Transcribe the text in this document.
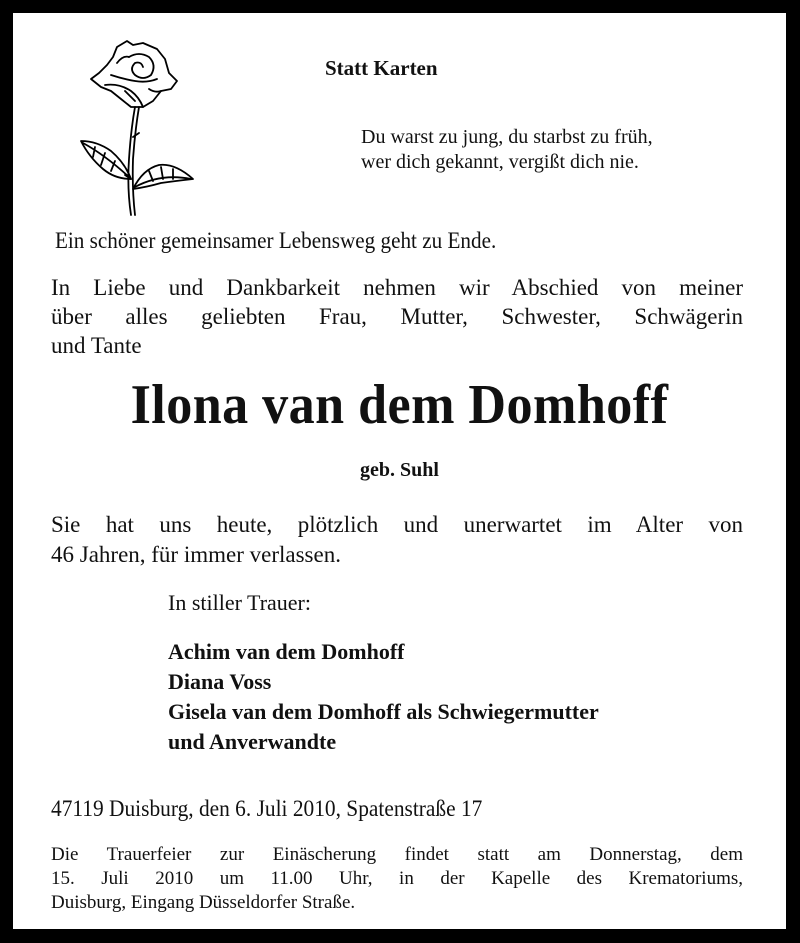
Statt Karten
Du warst zu jung, du starbst zu früh,
wer dich gekannt, vergißt dich nie.
Ein schöner gemeinsamer Lebensweg geht zu Ende.
In Liebe und Dankbarkeit nehmen wir Abschied von meiner
über alles geliebten Frau, Mutter, Schwester, Schwägerin
und Tante
Ilona van dem Domhoff
geb. Suhl
Sie hat uns heute, plötzlich und unerwartet im Alter von
46 Jahren, für immer verlassen.
In stiller Trauer:
Achim van dem Domhoff
Diana Voss
Gisela van dem Domhoff als Schwiegermutter
und Anverwandte
47119 Duisburg, den 6. Juli 2010, Spatenstraße 17
Die Trauerfeier zur Einäscherung findet statt am Donnerstag, dem
15. Juli 2010 um 11.00 Uhr, in der Kapelle des Krematoriums,
Duisburg, Eingang Düsseldorfer Straße.
